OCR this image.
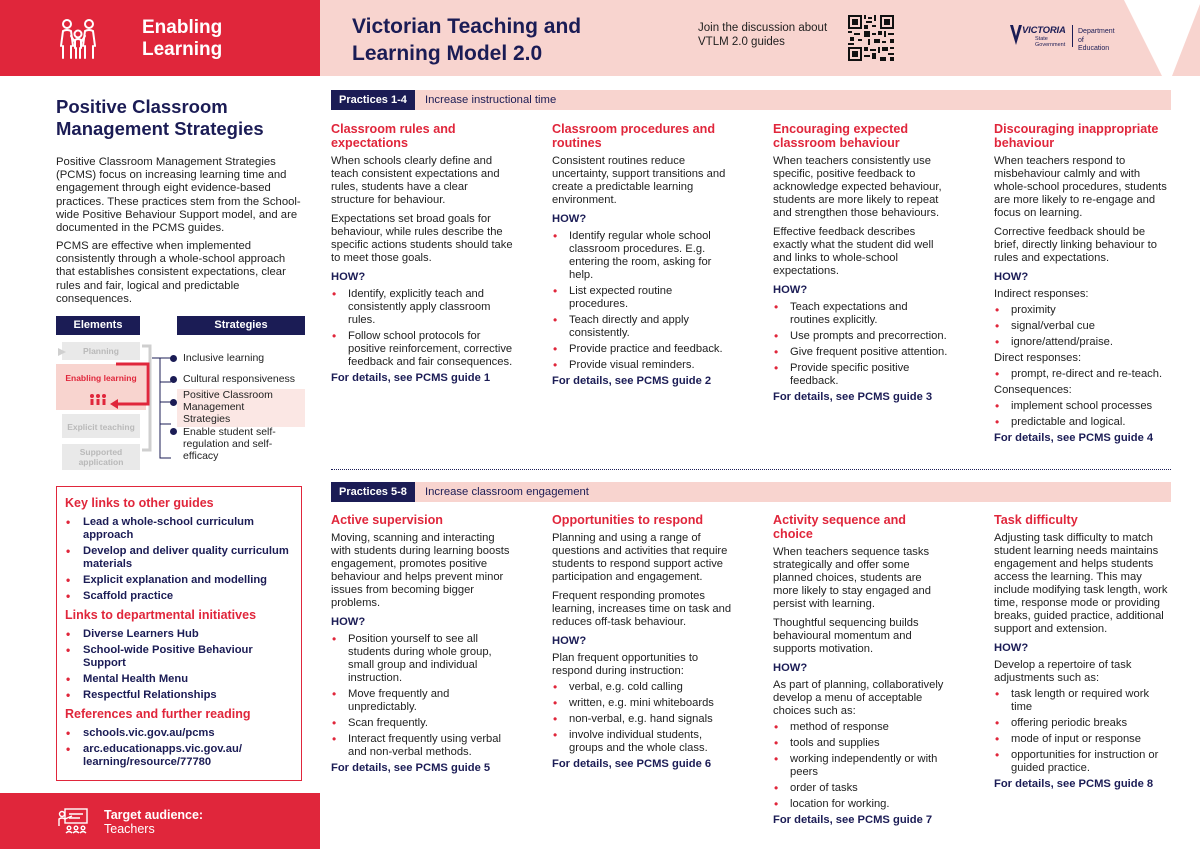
Enabling
Learning
Victorian Teaching and
Learning Model 2.0
Join the discussion about
VTLM 2.0 guides
VICTORIA
State
Government
Department
of Education
Positive Classroom
Management Strategies
Positive Classroom Management Strategies (PCMS) focus on increasing learning time and engagement through eight evidence-based practices. These practices stem from the School-wide Positive Behaviour Support model, and are documented in the PCMS guides.
PCMS are effective when implemented consistently through a whole-school approach that establishes consistent expectations, clear rules and fair, logical and predictable consequences.
Elements	Strategies
Planning
Enabling learning
Explicit teaching
Supported application
Inclusive learning
Cultural responsiveness
Positive Classroom Management Strategies
Enable student self-regulation and self-efficacy
Key links to other guides
• Lead a whole-school curriculum approach
• Develop and deliver quality curriculum materials
• Explicit explanation and modelling
• Scaffold practice
Links to departmental initiatives
• Diverse Learners Hub
• School-wide Positive Behaviour Support
• Mental Health Menu
• Respectful Relationships
References and further reading
• schools.vic.gov.au/pcms
• arc.educationapps.vic.gov.au/ learning/resource/77780
Target audience:
Teachers
Practices 1-4	Increase instructional time
Practices 5-8	Increase classroom engagement
Classroom rules and expectations

When schools clearly define and teach consistent expectations and rules, students have a clear structure for behaviour.

Expectations set broad goals for behaviour, while rules describe the specific actions students should take to meet those goals.

HOW?
• Identify, explicitly teach and consistently apply classroom rules.
• Follow school protocols for positive reinforcement, corrective feedback and fair consequences.
For details, see PCMS guide 1
Classroom procedures and routines

Consistent routines reduce uncertainty, support transitions and create a predictable learning environment.

HOW?
• Identify regular whole school classroom procedures. E.g. entering the room, asking for help.
• List expected routine procedures.
• Teach directly and apply consistently.
• Provide practice and feedback.
• Provide visual reminders.
For details, see PCMS guide 2
Encouraging expected classroom behaviour

When teachers consistently use specific, positive feedback to acknowledge expected behaviour, students are more likely to repeat and strengthen those behaviours.

Effective feedback describes exactly what the student did well and links to whole-school expectations.

HOW?
• Teach expectations and routines explicitly.
• Use prompts and precorrection.
• Give frequent positive attention.
• Provide specific positive feedback.
For details, see PCMS guide 3
Discouraging inappropriate behaviour

When teachers respond to misbehaviour calmly and with whole-school procedures, students are more likely to re-engage and focus on learning.

Corrective feedback should be brief, directly linking behaviour to rules and expectations.

HOW?
Indirect responses:
• proximity
• signal/verbal cue
• ignore/attend/praise.
Direct responses:
• prompt, re-direct and re-teach.
Consequences:
• implement school processes
• predictable and logical.
For details, see PCMS guide 4
Active supervision

Moving, scanning and interacting with students during learning boosts engagement, promotes positive behaviour and helps prevent minor issues from becoming bigger problems.

HOW?
• Position yourself to see all students during whole group, small group and individual instruction.
• Move frequently and unpredictably.
• Scan frequently.
• Interact frequently using verbal and non-verbal methods.
For details, see PCMS guide 5
Opportunities to respond

Planning and using a range of questions and activities that require students to respond support active participation and engagement.

Frequent responding promotes learning, increases time on task and reduces off-task behaviour.

HOW?
Plan frequent opportunities to respond during instruction:
• verbal, e.g. cold calling
• written, e.g. mini whiteboards
• non-verbal, e.g. hand signals
• involve individual students, groups and the whole class.
For details, see PCMS guide 6
Activity sequence and choice

When teachers sequence tasks strategically and offer some planned choices, students are more likely to stay engaged and persist with learning.

Thoughtful sequencing builds behavioural momentum and supports motivation.

HOW?
As part of planning, collaboratively develop a menu of acceptable choices such as:
• method of response
• tools and supplies
• working independently or with peers
• order of tasks
• location for working.
For details, see PCMS guide 7
Task difficulty

Adjusting task difficulty to match student learning needs maintains engagement and helps students access the learning. This may include modifying task length, work time, response mode or providing breaks, guided practice, additional support and extension.

HOW?
Develop a repertoire of task adjustments such as:
• task length or required work time
• offering periodic breaks
• mode of input or response
• opportunities for instruction or guided practice.
For details, see PCMS guide 8
